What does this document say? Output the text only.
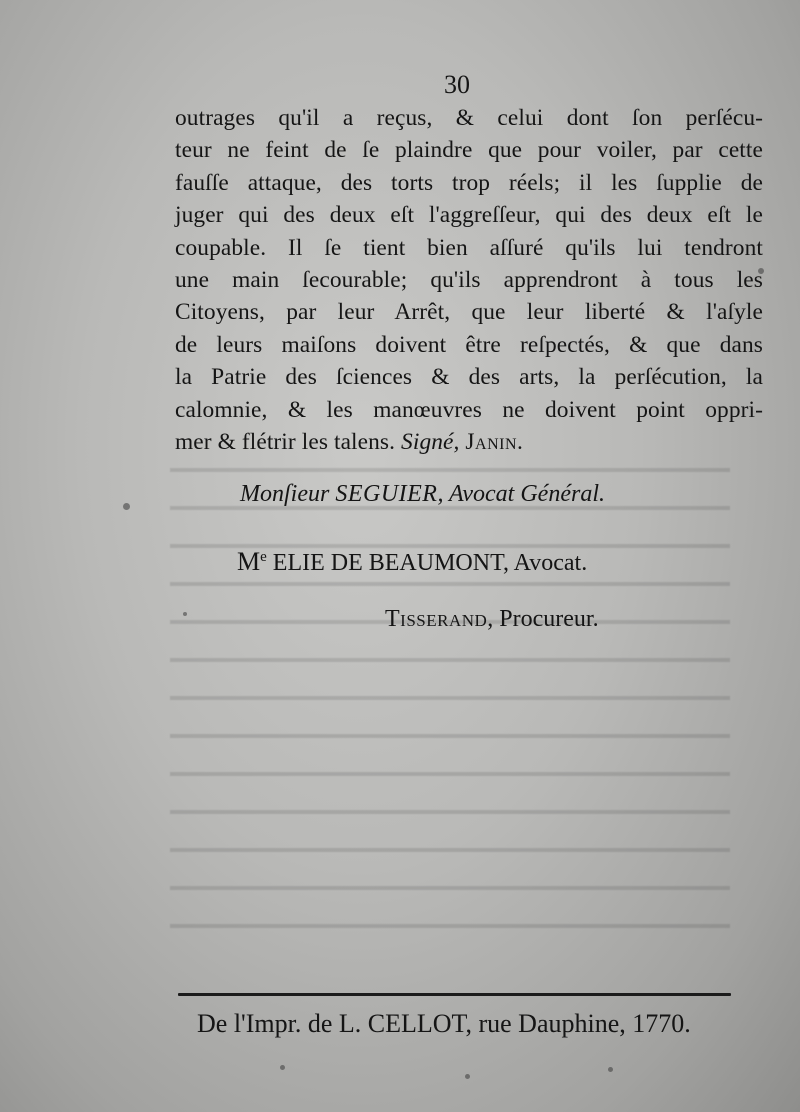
30
outrages qu'il a reçus, & celui dont ſon perſécu-
teur ne feint de ſe plaindre que pour voiler, par cette
fauſſe attaque, des torts trop réels; il les ſupplie de
juger qui des deux eſt l'aggreſſeur, qui des deux eſt le
coupable. Il ſe tient bien aſſuré qu'ils lui tendront
une main ſecourable; qu'ils apprendront à tous les
Citoyens, par leur Arrêt, que leur liberté & l'aſyle
de leurs maiſons doivent être reſpectés, & que dans
la Patrie des ſciences & des arts, la perſécution, la
calomnie, & les manœuvres ne doivent point oppri-
mer & flétrir les talens. Signé, Janin.
Monſieur SEGUIER, Avocat Général.
Me ELIE DE BEAUMONT, Avocat.
Tisserand, Procureur.
De l'Impr. de L. CELLOT, rue Dauphine, 1770.
